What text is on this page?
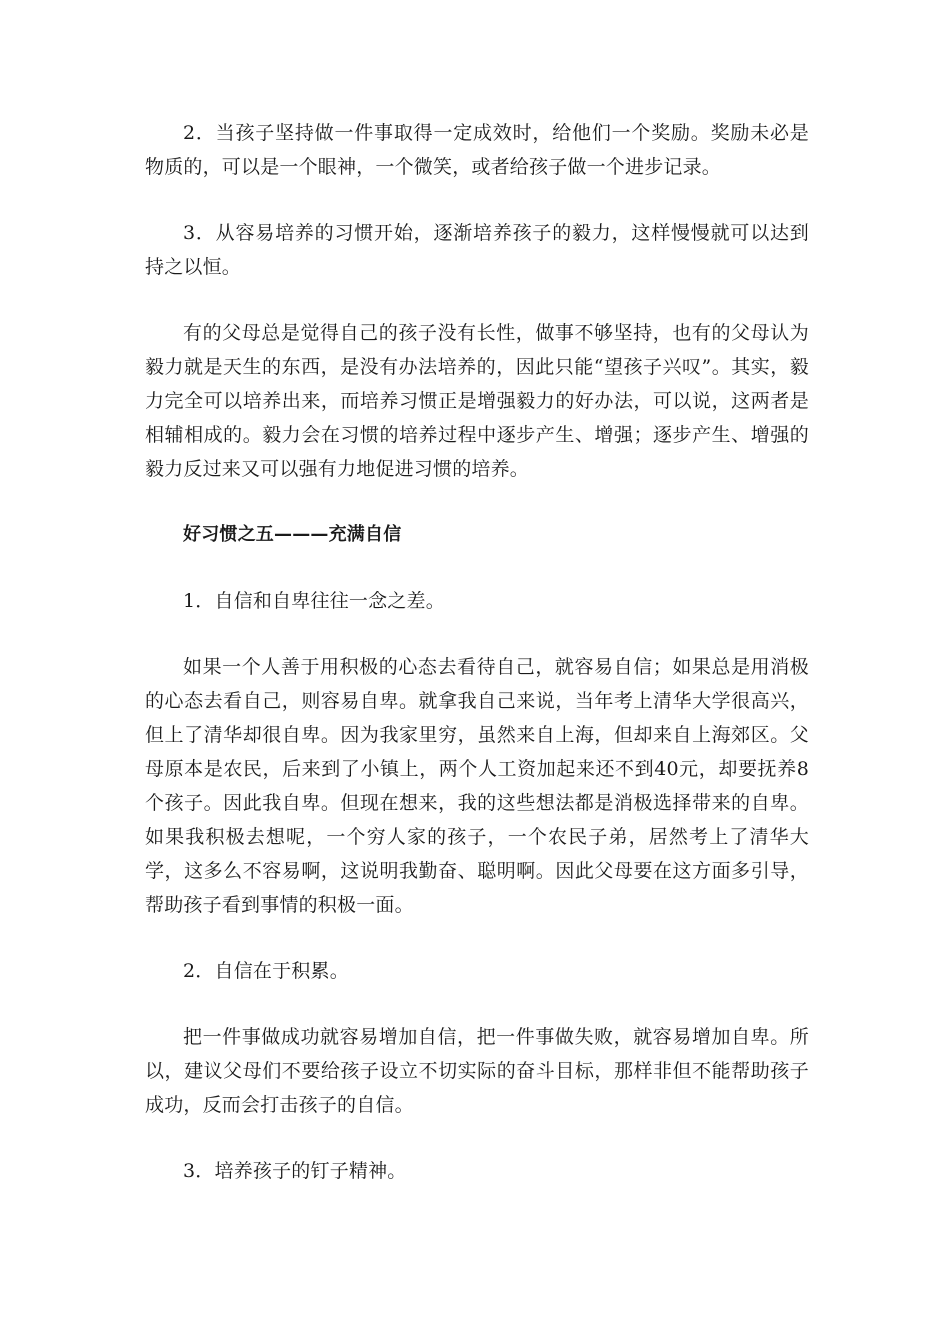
2．当孩子坚持做一件事取得一定成效时，给他们一个奖励。奖励未必是物质的，可以是一个眼神，一个微笑，或者给孩子做一个进步记录。

3．从容易培养的习惯开始，逐渐培养孩子的毅力，这样慢慢就可以达到持之以恒。

有的父母总是觉得自己的孩子没有长性，做事不够坚持，也有的父母认为毅力就是天生的东西，是没有办法培养的，因此只能“望孩子兴叹”。其实，毅力完全可以培养出来，而培养习惯正是增强毅力的好办法，可以说，这两者是相辅相成的。毅力会在习惯的培养过程中逐步产生、增强；逐步产生、增强的毅力反过来又可以强有力地促进习惯的培养。

好习惯之五———充满自信

1．自信和自卑往往一念之差。

如果一个人善于用积极的心态去看待自己，就容易自信；如果总是用消极的心态去看自己，则容易自卑。就拿我自己来说，当年考上清华大学很高兴，但上了清华却很自卑。因为我家里穷，虽然来自上海，但却来自上海郊区。父母原本是农民，后来到了小镇上，两个人工资加起来还不到40元，却要抚养8个孩子。因此我自卑。但现在想来，我的这些想法都是消极选择带来的自卑。如果我积极去想呢，一个穷人家的孩子，一个农民子弟，居然考上了清华大学，这多么不容易啊，这说明我勤奋、聪明啊。因此父母要在这方面多引导，帮助孩子看到事情的积极一面。

2．自信在于积累。

把一件事做成功就容易增加自信，把一件事做失败，就容易增加自卑。所以，建议父母们不要给孩子设立不切实际的奋斗目标，那样非但不能帮助孩子成功，反而会打击孩子的自信。

3．培养孩子的钉子精神。
